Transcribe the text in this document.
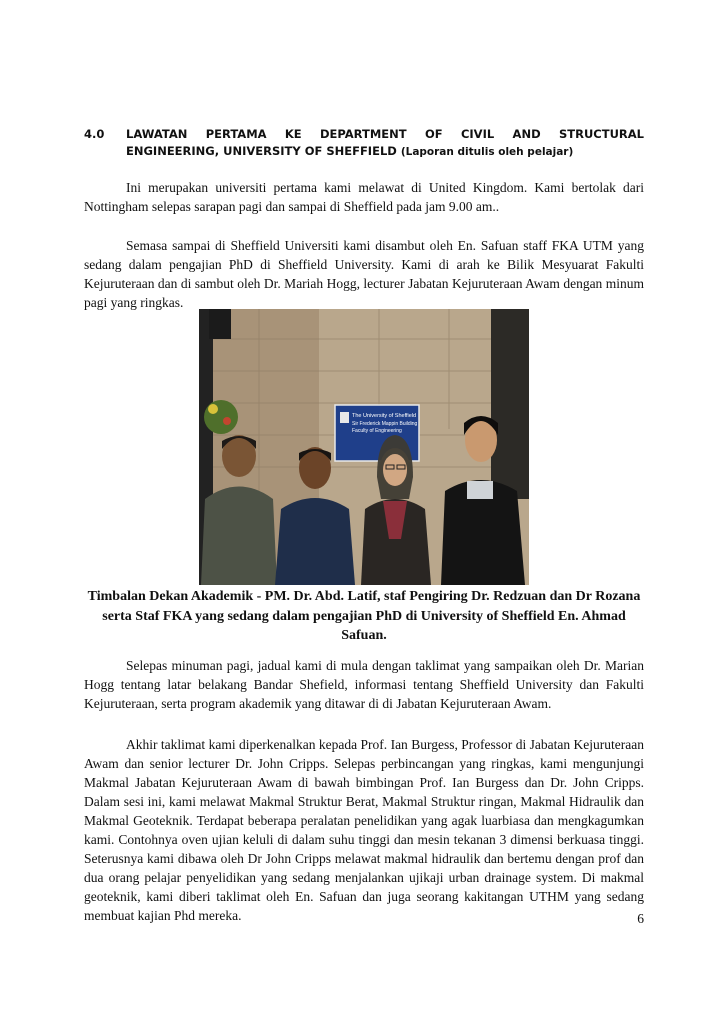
4.0 LAWATAN PERTAMA KE DEPARTMENT OF CIVIL AND STRUCTURAL
ENGINEERING, UNIVERSITY OF SHEFFIELD (Laporan ditulis oleh pelajar)

Ini merupakan universiti pertama kami melawat di United Kingdom. Kami bertolak dari Nottingham selepas sarapan pagi dan sampai di Sheffield pada jam 9.00 am..

Semasa sampai di Sheffield Universiti kami disambut oleh En. Safuan staff FKA UTM yang sedang dalam pengajian PhD di Sheffield University. Kami di arah ke Bilik Mesyuarat Fakulti Kejuruteraan dan di sambut oleh Dr. Mariah Hogg, lecturer Jabatan Kejuruteraan Awam dengan minum pagi yang ringkas.

The University of Sheffield
Sir Frederick Mappin Building
Faculty of Engineering

Timbalan Dekan Akademik - PM. Dr. Abd. Latif, staf Pengiring Dr. Redzuan dan Dr Rozana serta Staf FKA yang sedang dalam pengajian PhD di University of Sheffield En. Ahmad Safuan.

Selepas minuman pagi, jadual kami di mula dengan taklimat yang sampaikan oleh Dr. Marian Hogg tentang latar belakang Bandar Shefield, informasi tentang Sheffield University dan Fakulti Kejuruteraan, serta program akademik yang ditawar di di Jabatan Kejuruteraan Awam.

Akhir taklimat kami diperkenalkan kepada Prof. Ian Burgess, Professor di Jabatan Kejuruteraan Awam dan senior lecturer Dr. John Cripps. Selepas perbincangan yang ringkas, kami mengunjungi Makmal Jabatan Kejuruteraan Awam di bawah bimbingan Prof. Ian Burgess dan Dr. John Cripps. Dalam sesi ini, kami melawat Makmal Struktur Berat, Makmal Struktur ringan, Makmal Hidraulik dan Makmal Geoteknik. Terdapat beberapa peralatan penelidikan yang agak luarbiasa dan mengkagumkan kami. Contohnya oven ujian keluli di dalam suhu tinggi dan mesin tekanan 3 dimensi berkuasa tinggi. Seterusnya kami dibawa oleh Dr John Cripps melawat makmal hidraulik dan bertemu dengan prof dan dua orang pelajar penyelidikan yang sedang menjalankan ujikaji urban drainage system. Di makmal geoteknik, kami diberi taklimat oleh En. Safuan dan juga seorang kakitangan UTHM yang sedang membuat kajian Phd mereka.	6
